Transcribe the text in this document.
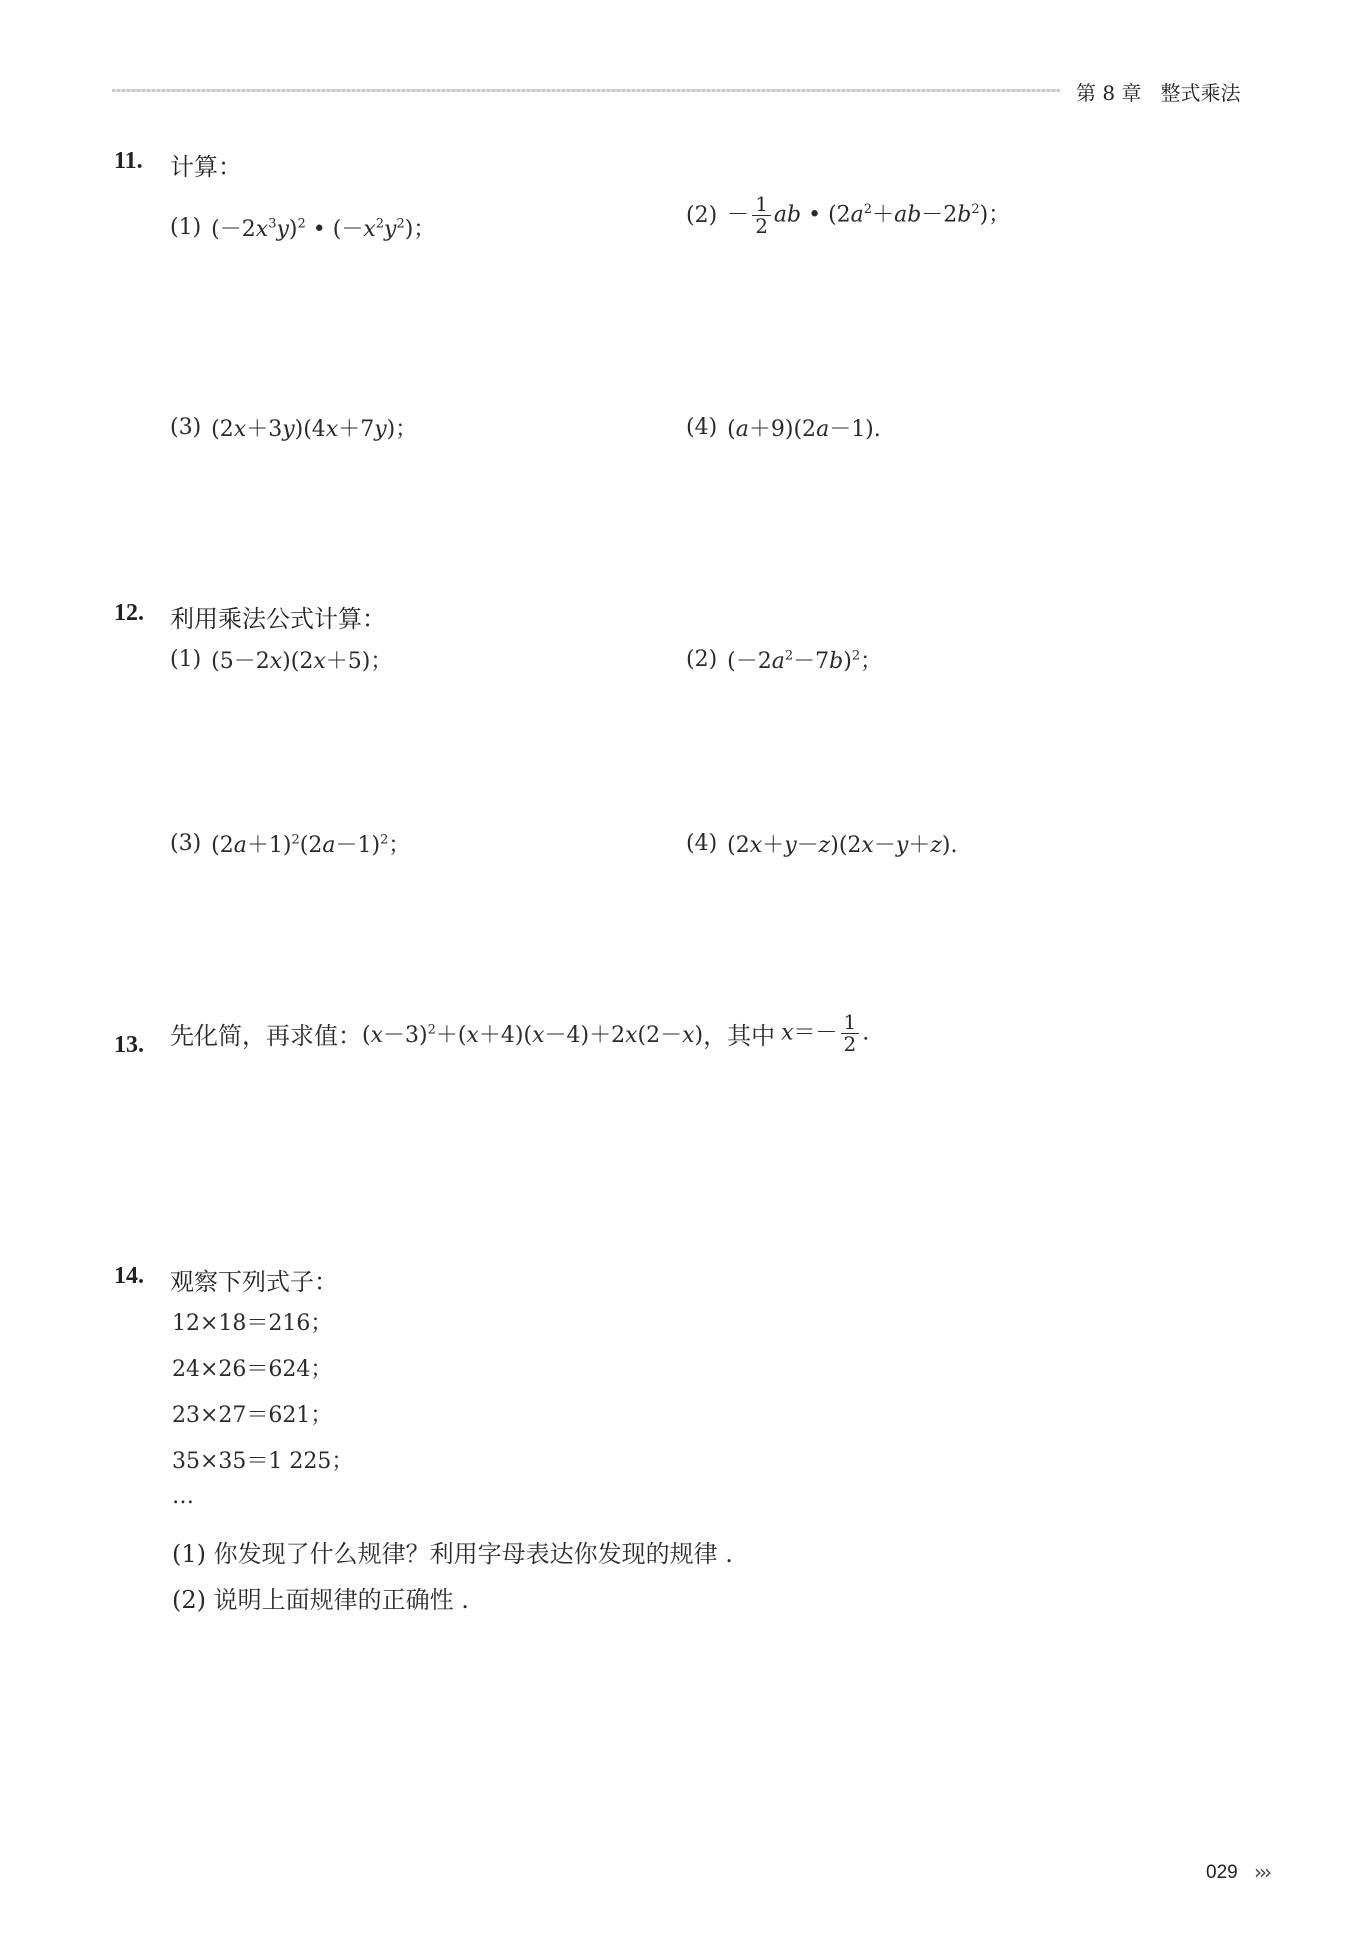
第 8 章 整式乘法
11. 计算：
(1) $(-2x^3y)^2$ • $(-x^2y^2)$；
$(2) - \frac{1}{2}$ ab • $(2a^2+ab-2b^2)$；
(3) (2x＋3y)(4x＋7y)；	(4) (a＋9)(2a－1).
12. 利用乘法公式计算：
(1) (5－2x)(2x＋5)；	(2) $(-2a^2-7b)^2$；
(3) $(2a+1)^2(2a-1)^2$；	(4) (2x＋y－z)(2x－y＋z).
13. 先化简，再求值： $(x-3)^2+(x+4)(x-4)+2x(2-x)$ ，其中 $x=- \frac{1}{2}$ .
14. 观察下列式子：
12×18＝216；
24×26＝624；
23×27＝621；
35×35＝1 225；
…
(1) 你发现了什么规律？利用字母表达你发现的规律 .
(2) 说明上面规律的正确性 .
029 ›››
